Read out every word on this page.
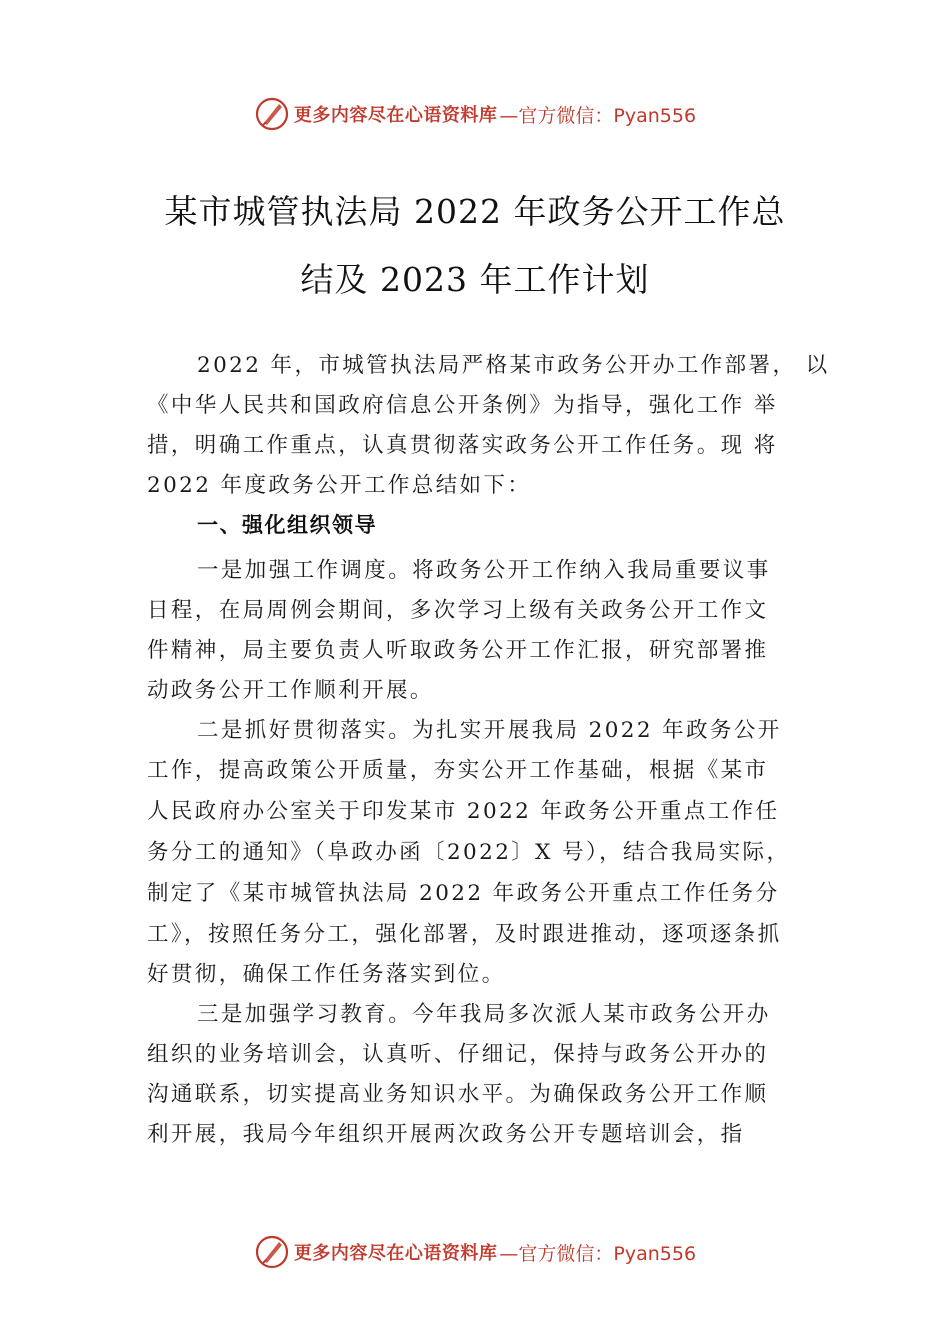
更多内容尽在心语资料库 —官方微信：Pyan556
某市城管执法局 2022 年政务公开工作总
结及 2023 年工作计划

2022 年，市城管执法局严格某市政务公开办工作部署， 以

《中华人民共和国政府信息公开条例》为指导，强化工作 举

措，明确工作重点，认真贯彻落实政务公开工作任务。现 将

2022 年度政务公开工作总结如下：

一、强化组织领导

一是加强工作调度。将政务公开工作纳入我局重要议事

日程，在局周例会期间，多次学习上级有关政务公开工作文

件精神，局主要负责人听取政务公开工作汇报，研究部署推

动政务公开工作顺利开展。

二是抓好贯彻落实。为扎实开展我局 2022 年政务公开

工作，提高政策公开质量，夯实公开工作基础，根据《某市

人民政府办公室关于印发某市 2022 年政务公开重点工作任

务分工的通知》（阜政办函〔2022〕X 号），结合我局实际，

制定了《某市城管执法局 2022 年政务公开重点工作任务分

工》，按照任务分工，强化部署，及时跟进推动，逐项逐条抓

好贯彻，确保工作任务落实到位。

三是加强学习教育。今年我局多次派人某市政务公开办

组织的业务培训会，认真听、仔细记，保持与政务公开办的

沟通联系，切实提高业务知识水平。为确保政务公开工作顺

利开展，我局今年组织开展两次政务公开专题培训会，指

更多内容尽在心语资料库 —官方微信：Pyan556
